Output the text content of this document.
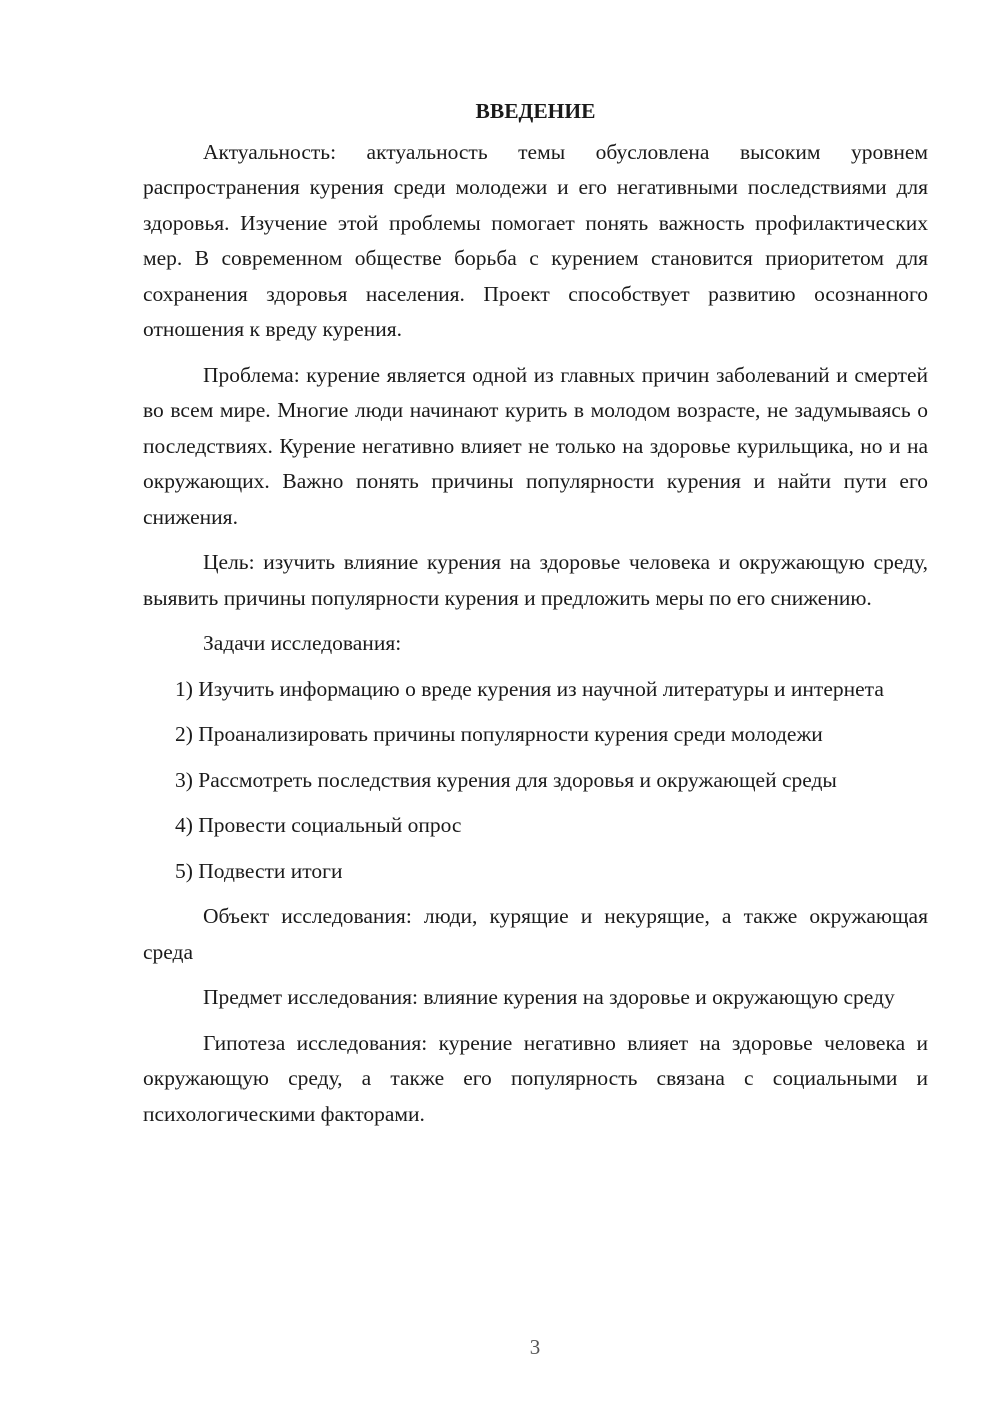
ВВЕДЕНИЕ

Актуальность: актуальность темы обусловлена высоким уровнем распространения курения среди молодежи и его негативными последствиями для здоровья. Изучение этой проблемы помогает понять важность профилактических мер. В современном обществе борьба с курением становится приоритетом для сохранения здоровья населения. Проект способствует развитию осознанного отношения к вреду курения.

Проблема: курение является одной из главных причин заболеваний и смертей во всем мире. Многие люди начинают курить в молодом возрасте, не задумываясь о последствиях. Курение негативно влияет не только на здоровье курильщика, но и на окружающих. Важно понять причины популярности курения и найти пути его снижения.

Цель: изучить влияние курения на здоровье человека и окружающую среду, выявить причины популярности курения и предложить меры по его снижению.

Задачи исследования:

1) Изучить информацию о вреде курения из научной литературы и интернета

2) Проанализировать причины популярности курения среди молодежи

3) Рассмотреть последствия курения для здоровья и окружающей среды

4) Провести социальный опрос

5) Подвести итоги

Объект исследования: люди, курящие и некурящие, а также окружающая среда

Предмет исследования: влияние курения на здоровье и окружающую среду

Гипотеза исследования: курение негативно влияет на здоровье человека и окружающую среду, а также его популярность связана с социальными и психологическими факторами.

3
